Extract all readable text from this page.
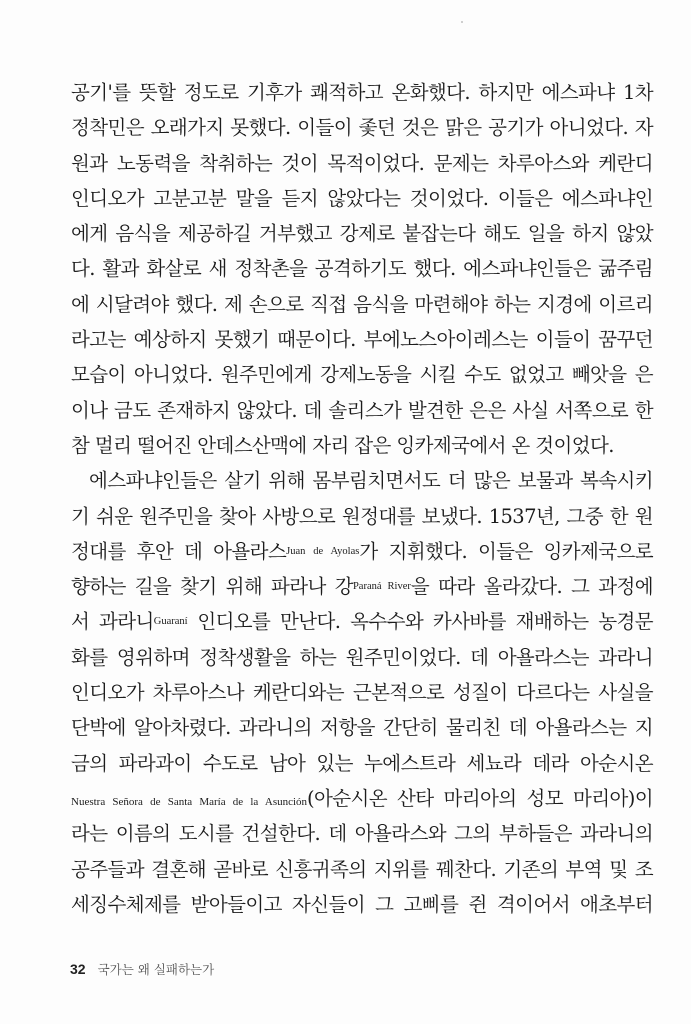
공기'를 뜻할 정도로 기후가 쾌적하고 온화했다. 하지만 에스파냐 1차
정착민은 오래가지 못했다. 이들이 좇던 것은 맑은 공기가 아니었다. 자
원과 노동력을 착취하는 것이 목적이었다. 문제는 차루아스와 케란디
인디오가 고분고분 말을 듣지 않았다는 것이었다. 이들은 에스파냐인
에게 음식을 제공하길 거부했고 강제로 붙잡는다 해도 일을 하지 않았
다. 활과 화살로 새 정착촌을 공격하기도 했다. 에스파냐인들은 굶주림
에 시달려야 했다. 제 손으로 직접 음식을 마련해야 하는 지경에 이르리
라고는 예상하지 못했기 때문이다. 부에노스아이레스는 이들이 꿈꾸던
모습이 아니었다. 원주민에게 강제노동을 시킬 수도 없었고 빼앗을 은
이나 금도 존재하지 않았다. 데 솔리스가 발견한 은은 사실 서쪽으로 한
참 멀리 떨어진 안데스산맥에 자리 잡은 잉카제국에서 온 것이었다.
에스파냐인들은 살기 위해 몸부림치면서도 더 많은 보물과 복속시키
기 쉬운 원주민을 찾아 사방으로 원정대를 보냈다. 1537년, 그중 한 원
정대를 후안 데 아욜라스$^{Juan de Ayolas}$가 지휘했다. 이들은 잉카제국으로
향하는 길을 찾기 위해 파라나 강$^{Paraná River}$을 따라 올라갔다. 그 과정에
서 과라니$^{Guaraní}$ 인디오를 만난다. 옥수수와 카사바를 재배하는 농경문
화를 영위하며 정착생활을 하는 원주민이었다. 데 아욜라스는 과라니
인디오가 차루아스나 케란디와는 근본적으로 성질이 다르다는 사실을
단박에 알아차렸다. 과라니의 저항을 간단히 물리친 데 아욜라스는 지
금의 파라과이 수도로 남아 있는 누에스트라 세뇨라 데라 아순시온
Nuestra Señora de Santa María de la Asunción(아순시온 산타 마리아의 성모 마리아)이
라는 이름의 도시를 건설한다. 데 아욜라스와 그의 부하들은 과라니의
공주들과 결혼해 곧바로 신흥귀족의 지위를 꿰찬다. 기존의 부역 및 조
세징수체제를 받아들이고 자신들이 그 고삐를 쥔 격이어서 애초부터
32 국가는 왜 실패하는가
